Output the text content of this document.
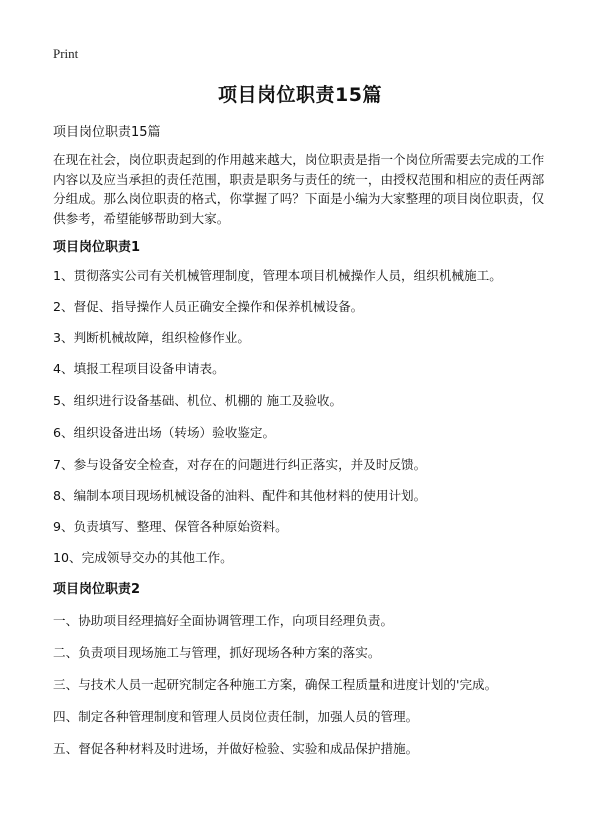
Print
项目岗位职责15篇
项目岗位职责15篇

在现在社会，岗位职责起到的作用越来越大，岗位职责是指一个岗位所需要去完成的工作内容以及应当承担的责任范围，职责是职务与责任的统一，由授权范围和相应的责任两部分组成。那么岗位职责的格式，你掌握了吗？下面是小编为大家整理的项目岗位职责，仅供参考，希望能够帮助到大家。

项目岗位职责1
1、贯彻落实公司有关机械管理制度，管理本项目机械操作人员，组织机械施工。
2、督促、指导操作人员正确安全操作和保养机械设备。
3、判断机械故障，组织检修作业。
4、填报工程项目设备申请表。
5、组织进行设备基础、机位、机棚的 施工及验收。
6、组织设备进出场（转场）验收鉴定。
7、参与设备安全检查，对存在的问题进行纠正落实，并及时反馈。
8、编制本项目现场机械设备的油料、配件和其他材料的使用计划。
9、负责填写、整理、保管各种原始资料。
10、完成领导交办的其他工作。
项目岗位职责2
一、协助项目经理搞好全面协调管理工作，向项目经理负责。
二、负责项目现场施工与管理，抓好现场各种方案的落实。
三、与技术人员一起研究制定各种施工方案，确保工程质量和进度计划的'完成。
四、制定各种管理制度和管理人员岗位责任制，加强人员的管理。
五、督促各种材料及时进场，并做好检验、实验和成品保护措施。
